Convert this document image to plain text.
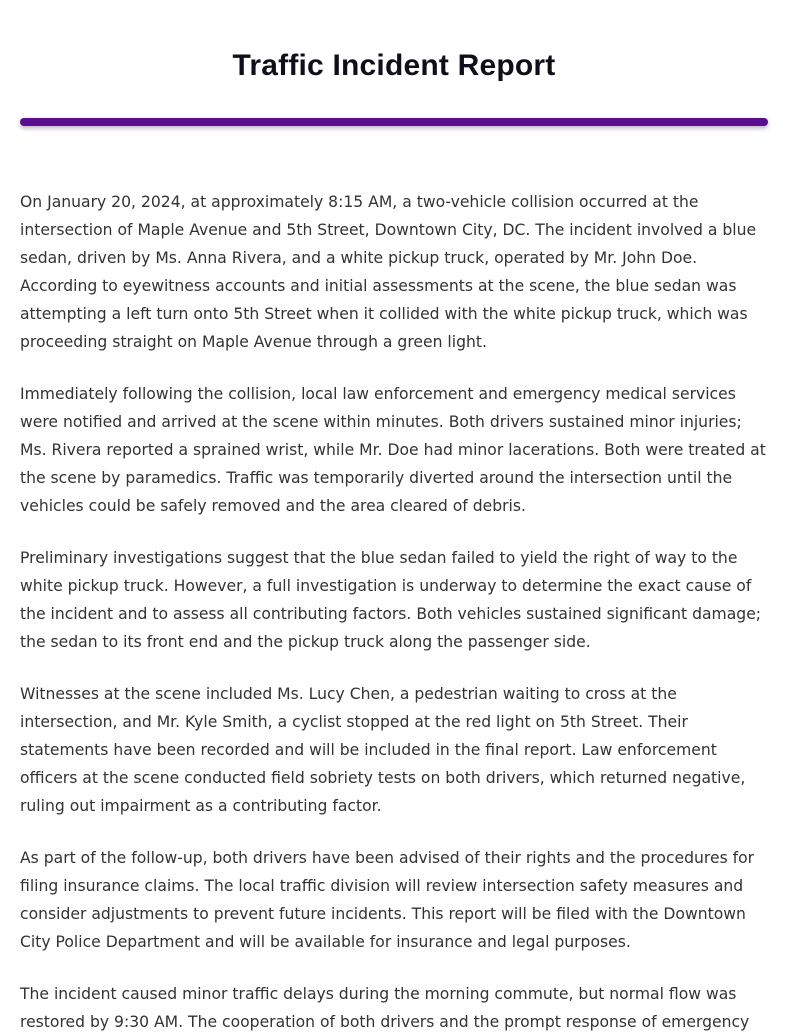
Traffic Incident Report

On January 20, 2024, at approximately 8:15 AM, a two-vehicle collision occurred at the intersection of Maple Avenue and 5th Street, Downtown City, DC. The incident involved a blue sedan, driven by Ms. Anna Rivera, and a white pickup truck, operated by Mr. John Doe. According to eyewitness accounts and initial assessments at the scene, the blue sedan was attempting a left turn onto 5th Street when it collided with the white pickup truck, which was proceeding straight on Maple Avenue through a green light.

Immediately following the collision, local law enforcement and emergency medical services were notified and arrived at the scene within minutes. Both drivers sustained minor injuries; Ms. Rivera reported a sprained wrist, while Mr. Doe had minor lacerations. Both were treated at the scene by paramedics. Traffic was temporarily diverted around the intersection until the vehicles could be safely removed and the area cleared of debris.

Preliminary investigations suggest that the blue sedan failed to yield the right of way to the white pickup truck. However, a full investigation is underway to determine the exact cause of the incident and to assess all contributing factors. Both vehicles sustained significant damage; the sedan to its front end and the pickup truck along the passenger side.

Witnesses at the scene included Ms. Lucy Chen, a pedestrian waiting to cross at the intersection, and Mr. Kyle Smith, a cyclist stopped at the red light on 5th Street. Their statements have been recorded and will be included in the final report. Law enforcement officers at the scene conducted field sobriety tests on both drivers, which returned negative, ruling out impairment as a contributing factor.

As part of the follow-up, both drivers have been advised of their rights and the procedures for filing insurance claims. The local traffic division will review intersection safety measures and consider adjustments to prevent future incidents. This report will be filed with the Downtown City Police Department and will be available for insurance and legal purposes.

The incident caused minor traffic delays during the morning commute, but normal flow was restored by 9:30 AM. The cooperation of both drivers and the prompt response of emergency
